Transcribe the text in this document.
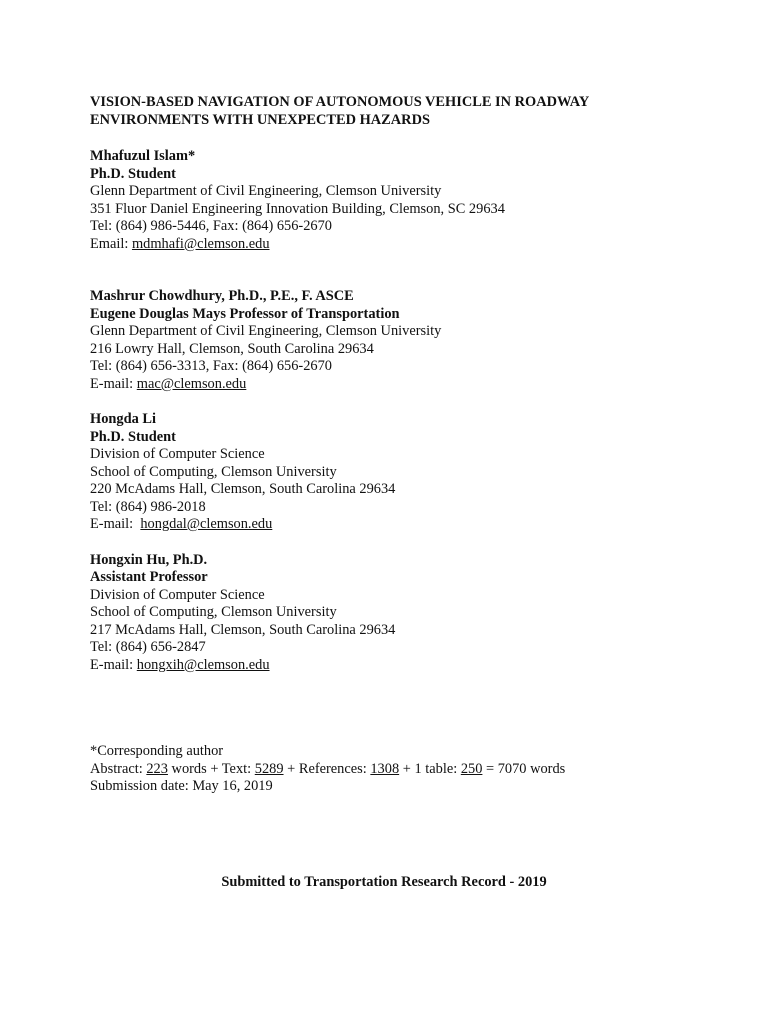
VISION-BASED NAVIGATION OF AUTONOMOUS VEHICLE IN ROADWAY
ENVIRONMENTS WITH UNEXPECTED HAZARDS
Mhafuzul Islam*
Ph.D. Student
Glenn Department of Civil Engineering, Clemson University
351 Fluor Daniel Engineering Innovation Building, Clemson, SC 29634
Tel: (864) 986-5446, Fax: (864) 656-2670
Email: mdmhafi@clemson.edu
Mashrur Chowdhury, Ph.D., P.E., F. ASCE
Eugene Douglas Mays Professor of Transportation
Glenn Department of Civil Engineering, Clemson University
216 Lowry Hall, Clemson, South Carolina 29634
Tel: (864) 656-3313, Fax: (864) 656-2670
E-mail: mac@clemson.edu
Hongda Li
Ph.D. Student
Division of Computer Science
School of Computing, Clemson University
220 McAdams Hall, Clemson, South Carolina 29634
Tel: (864) 986-2018
E-mail:  hongdal@clemson.edu
Hongxin Hu, Ph.D.
Assistant Professor
Division of Computer Science
School of Computing, Clemson University
217 McAdams Hall, Clemson, South Carolina 29634
Tel: (864) 656-2847
E-mail: hongxih@clemson.edu
*Corresponding author
Abstract: 223 words + Text: 5289 + References: 1308 + 1 table: 250 = 7070 words
Submission date: May 16, 2019
Submitted to Transportation Research Record - 2019
